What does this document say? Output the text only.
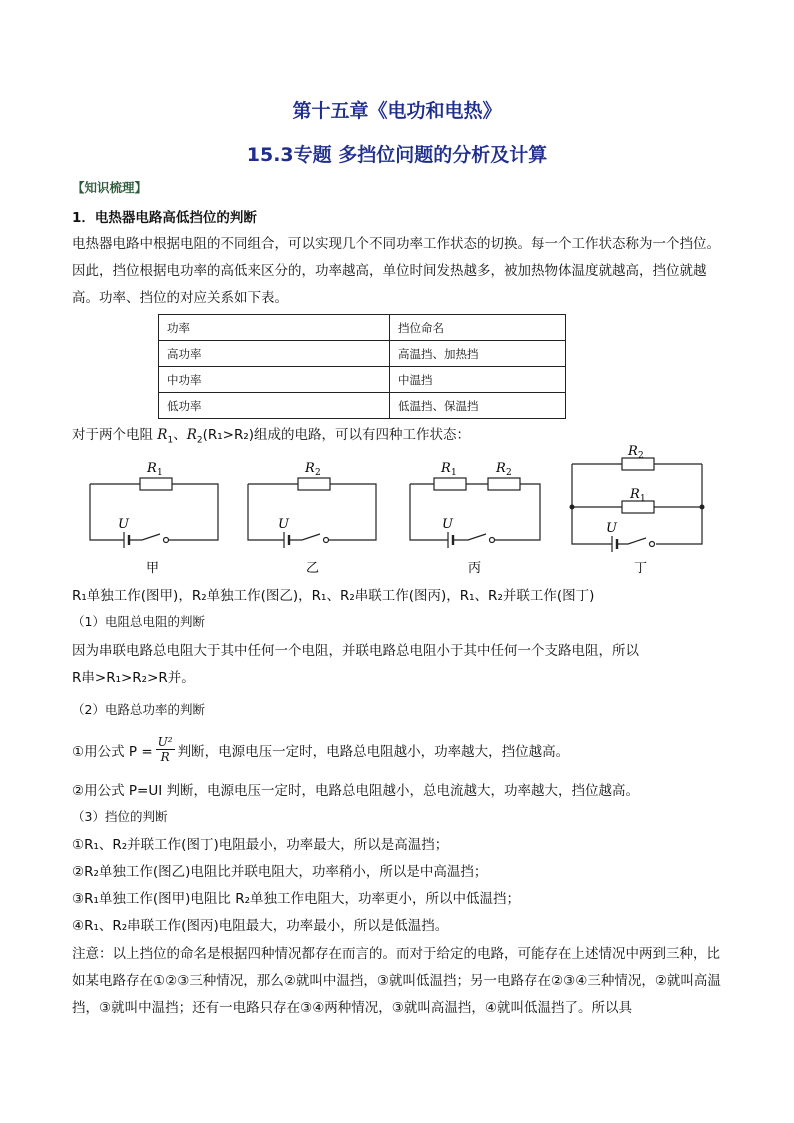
第十五章《电功和电热》
15.3专题 多挡位问题的分析及计算
【知识梳理】
1．电热器电路高低挡位的判断
电热器电路中根据电阻的不同组合，可以实现几个不同功率工作状态的切换。每一个工作状态称为一个挡位。因此，挡位根据电功率的高低来区分的，功率越高，单位时间发热越多，被加热物体温度就越高，挡位就越高。功率、挡位的对应关系如下表。
功率	挡位命名
高功率	高温挡、加热挡
中功率	中温挡
低功率	低温挡、保温挡
对于两个电阻 $R_1$、$R_2(R_1>R_2)$组成的电路，可以有四种工作状态：
R 1
U
甲
R 2
U
乙
R 1	R 2
U
丙
R 2
R 1
U
丁
R₁单独工作(图甲)，R₂单独工作(图乙)，R₁、R₂串联工作(图丙)，R₁、R₂并联工作(图丁)
（1）电阻总电阻的判断
因为串联电路总电阻大于其中任何一个电阻，并联电路总电阻小于其中任何一个支路电阻，所以
R串>R₁>R₂>R并。
（2）电路总功率的判断
①用公式 $P = \frac{\text{U²}}{R}$ 判断，电源电压一定时，电路总电阻越小，功率越大，挡位越高。
②用公式 P=UI 判断，电源电压一定时，电路总电阻越小，总电流越大，功率越大，挡位越高。
（3）挡位的判断
①R₁、R₂并联工作(图丁)电阻最小，功率最大，所以是高温挡；
②R₂单独工作(图乙)电阻比并联电阻大，功率稍小，所以是中高温挡；
③R₁单独工作(图甲)电阻比 R₂单独工作电阻大，功率更小，所以中低温挡；
④R₁、R₂串联工作(图丙)电阻最大，功率最小，所以是低温挡。
注意：以上挡位的命名是根据四种情况都存在而言的。而对于给定的电路，可能存在上述情况中两到三种，比如某电路存在①②③三种情况，那么②就叫中温挡，③就叫低温挡；另一电路存在②③④三种情况，②就叫高温挡，③就叫中温挡；还有一电路只存在③④两种情况，③就叫高温挡，④就叫低温挡了。所以具
